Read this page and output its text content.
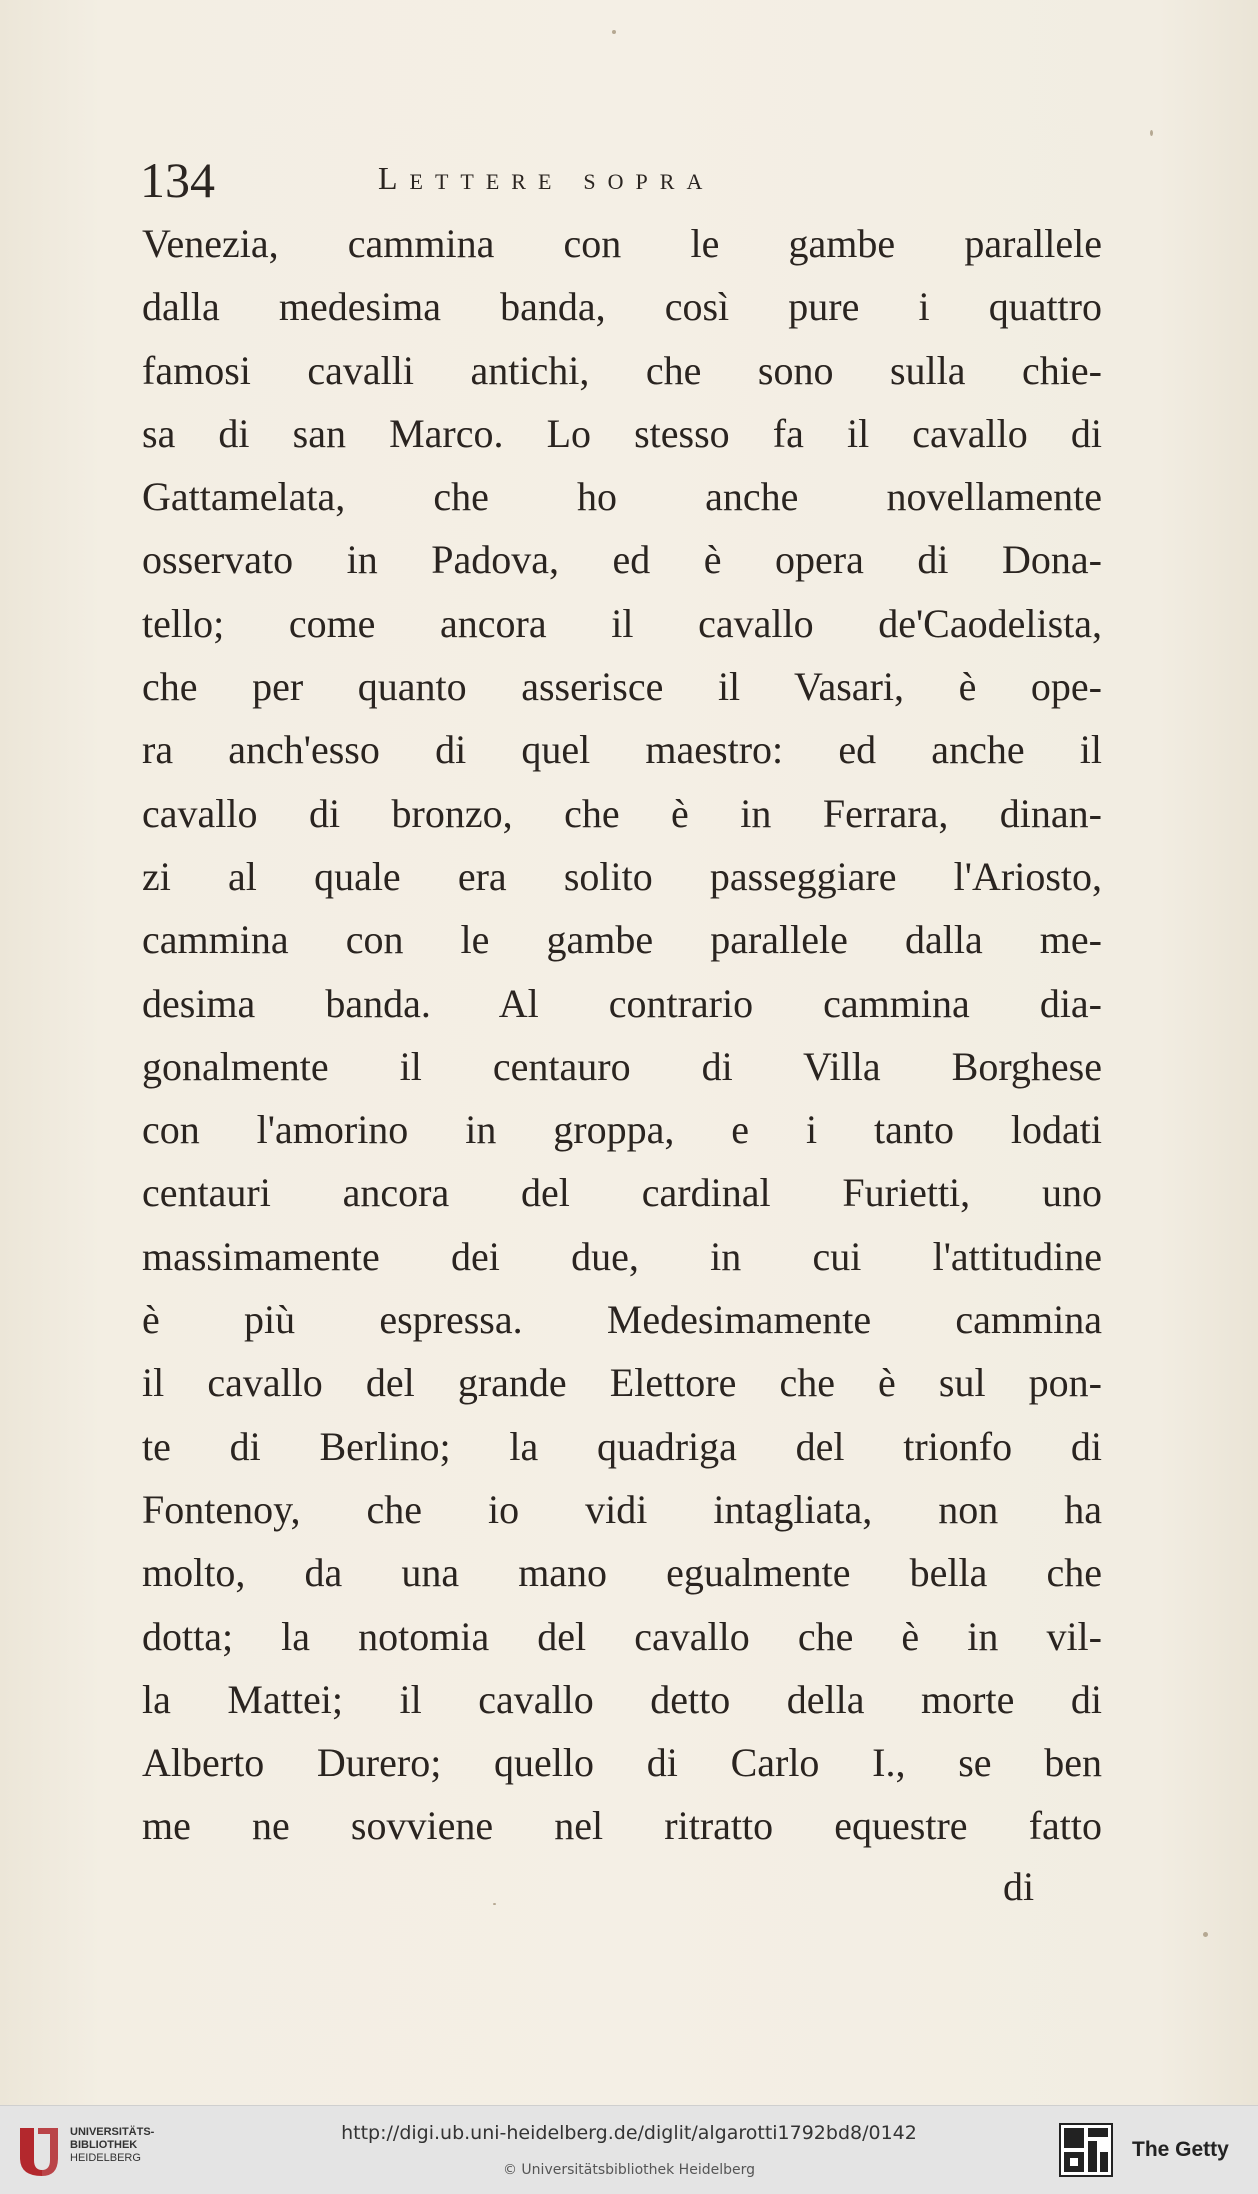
134	Lettere sopra
Venezia, cammina con le gambe parallele
dalla medesima banda, così pure i quattro
famosi cavalli antichi, che sono sulla chie-
sa di san Marco. Lo stesso fa il cavallo di
Gattamelata, che ho anche novellamente
osservato in Padova, ed è opera di Dona-
tello; come ancora il cavallo de'Caodelista,
che per quanto asserisce il Vasari, è ope-
ra anch'esso di quel maestro: ed anche il
cavallo di bronzo, che è in Ferrara, dinan-
zi al quale era solito passeggiare l'Ariosto,
cammina con le gambe parallele dalla me-
desima banda. Al contrario cammina dia-
gonalmente il centauro di Villa Borghese
con l'amorino in groppa, e i tanto lodati
centauri ancora del cardinal Furietti, uno
massimamente dei due, in cui l'attitudine
è più espressa. Medesimamente cammina
il cavallo del grande Elettore che è sul pon-
te di Berlino; la quadriga del trionfo di
Fontenoy, che io vidi intagliata, non ha
molto, da una mano egualmente bella che
dotta; la notomia del cavallo che è in vil-
la Mattei; il cavallo detto della morte di
Alberto Durero; quello di Carlo I., se ben
me ne sovviene nel ritratto equestre fatto
di
UNIVERSITÄTS-
BIBLIOTHEK
HEIDELBERG
http://digi.ub.uni-heidelberg.de/diglit/algarotti1792bd8/0142
© Universitätsbibliothek Heidelberg
The Getty
